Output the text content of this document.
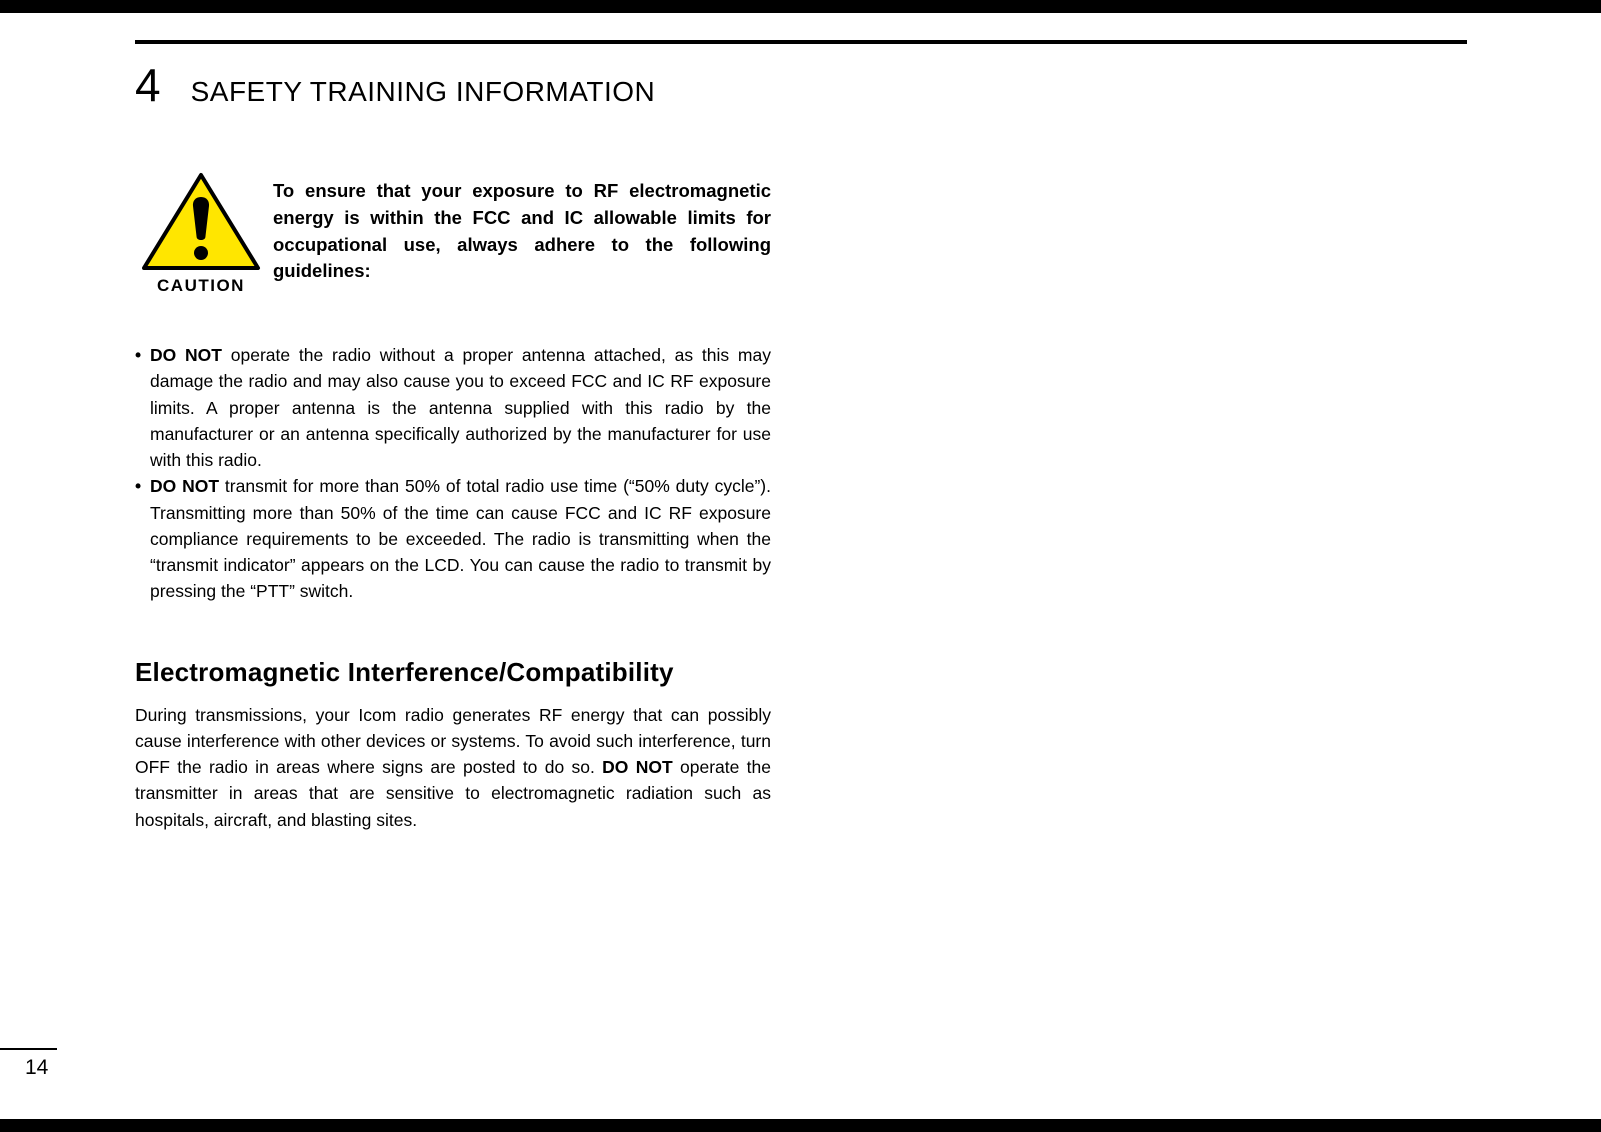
4 SAFETY TRAINING INFORMATION
CAUTION
To ensure that your exposure to RF electromagnetic energy is within the FCC and IC allowable limits for occupational use, always adhere to the following guidelines:
• DO NOT operate the radio without a proper antenna attached, as this may damage the radio and may also cause you to exceed FCC and IC RF exposure limits. A proper antenna is the antenna supplied with this radio by the manufacturer or an antenna specifically authorized by the manufacturer for use with this radio.
• DO NOT transmit for more than 50% of total radio use time (“50% duty cycle”). Transmitting more than 50% of the time can cause FCC and IC RF exposure compliance requirements to be exceeded. The radio is transmitting when the “transmit indicator” appears on the LCD. You can cause the radio to transmit by pressing the “PTT” switch.
Electromagnetic Interference/Compatibility

During transmissions, your Icom radio generates RF energy that can possibly cause interference with other devices or systems. To avoid such interference, turn OFF the radio in areas where signs are posted to do so. DO NOT operate the transmitter in areas that are sensitive to electromagnetic radiation such as hospitals, aircraft, and blasting sites.

14
